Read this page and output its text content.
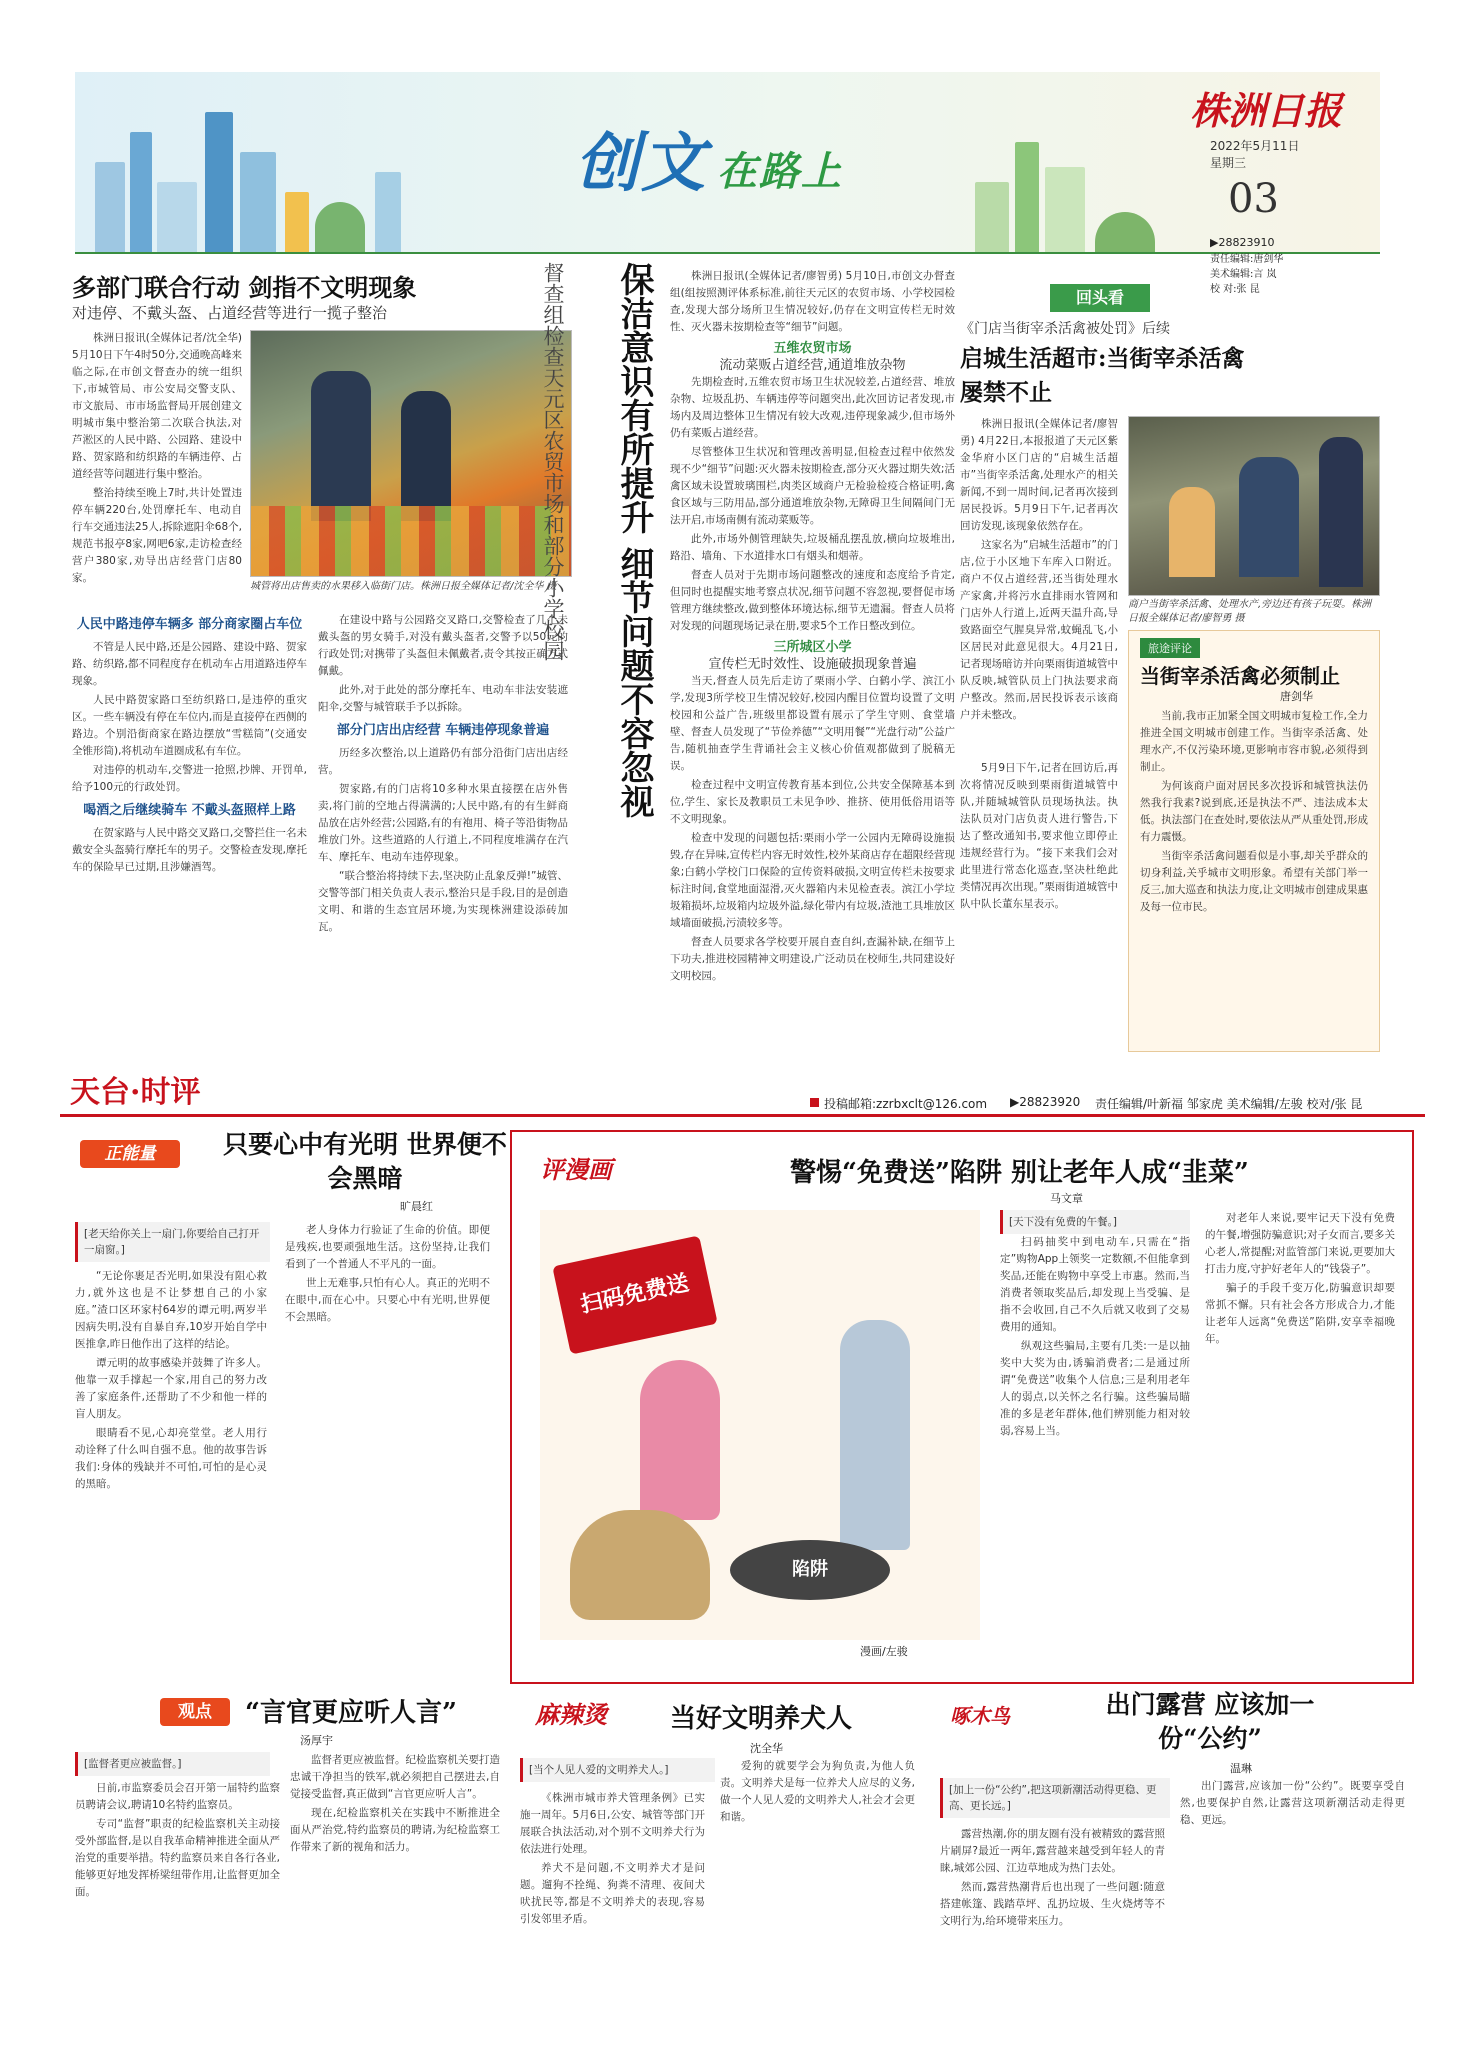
创文 在路上
株洲日报
2022年5月11日
星期三
03
▶28823910
责任编辑:唐剑华
美术编辑:言 岚
校 对:张 昆
多部门联合行动 剑指不文明现象
对违停、不戴头盔、占道经营等进行一揽子整治

株洲日报讯(全媒体记者/沈全华) 5月10日下午4时50分,交通晚高峰来临之际,在市创文督查办的统一组织下,市城管局、市公安局交警支队、市文旅局、市市场监督局开展创建文明城市集中整治第二次联合执法,对芦淞区的人民中路、公园路、建设中路、贺家路和纺织路的车辆违停、占道经营等问题进行集中整治。

整治持续至晚上7时,共计处置违停车辆220台,处罚摩托车、电动自行车交通违法25人,拆除遮阳伞68个,规范书报亭8家,网吧6家,走访检查经营户380家,劝导出店经营门店80家。

城管将出店售卖的水果移入临街门店。株洲日报全媒体记者/沈全华 摄
人民中路违停车辆多 部分商家圈占车位

不管是人民中路,还是公园路、建设中路、贺家路、纺织路,都不同程度存在机动车占用道路违停车现象。

人民中路贺家路口至纺织路口,是违停的重灾区。一些车辆没有停在车位内,而是直接停在西侧的路边。个别沿街商家在路边摆放“雪糕筒”(交通安全锥形筒),将机动车道圈成私有车位。

对违停的机动车,交警进一抢照,抄牌、开罚单,给予100元的行政处罚。

喝酒之后继续骑车 不戴头盔照样上路

在贺家路与人民中路交叉路口,交警拦住一名未戴安全头盔骑行摩托车的男子。交警检查发现,摩托车的保险早已过期,且涉嫌酒驾。

在建设中路与公园路交叉路口,交警检查了几个未戴头盔的男女骑手,对没有戴头盔者,交警予以50元的行政处罚;对携带了头盔但未佩戴者,责令其按正确方式佩戴。

此外,对于此处的部分摩托车、电动车非法安装遮阳伞,交警与城管联手予以拆除。

部分门店出店经营 车辆违停现象普遍

历经多次整治,以上道路仍有部分沿街门店出店经营。

贺家路,有的门店将10多种水果直接摆在店外售卖,将门前的空地占得满满的;人民中路,有的有生鲜商品放在店外经营;公园路,有的有袍用、椅子等沿街物品堆放门外。这些道路的人行道上,不同程度堆满存在汽车、摩托车、电动车违停现象。

“联合整治将持续下去,坚决防止乱象反弹!”城管、交警等部门相关负责人表示,整治只是手段,目的是创造文明、和谐的生态宜居环境,为实现株洲建设添砖加瓦。

督查组检查天元区农贸市场和部分小学校园	保洁意识有所提升 细节问题不容忽视	株洲日报讯(全媒体记者/廖智勇) 5月10日,市创文办督查组(组按照测评体系标准,前往天元区的农贸市场、小学校园检查,发现大部分场所卫生情况较好,仍存在文明宣传栏无时效性、灭火器未按期检查等“细节”问题。

五维农贸市场
流动菜贩占道经营,通道堆放杂物

先期检查时,五维农贸市场卫生状况较差,占道经营、堆放杂物、垃圾乱扔、车辆违停等问题突出,此次回访记者发现,市场内及周边整体卫生情况有较大改观,违停现象减少,但市场外仍有菜贩占道经营。

尽管整体卫生状况和管理改善明显,但检查过程中依然发现不少“细节”问题:灭火器未按期检查,部分灭火器过期失效;活禽区域未设置玻璃围栏,肉类区域商户无检验检疫合格证明,禽食区域与三防用品,部分通道堆放杂物,无障碍卫生间隔间门无法开启,市场南侧有流动菜贩等。

此外,市场外侧管理缺失,垃圾桶乱摆乱放,横向垃圾堆出,路沿、墙角、下水道排水口有烟头和烟蒂。

督查人员对于先期市场问题整改的速度和态度给予肯定,但同时也提醒实地考察点状况,细节问题不容忽视,要督促市场管理方继续整改,做到整体环境达标,细节无遗漏。督查人员将对发现的问题现场记录在册,要求5个工作日整改到位。

三所城区小学
宣传栏无时效性、设施破损现象普遍

当天,督查人员先后走访了栗雨小学、白鹤小学、滨江小学,发现3所学校卫生情况较好,校园内醒目位置均设置了文明校园和公益广告,班级里都设置有展示了学生守则、食堂墙壁、督查人员发现了“节俭养德”“文明用餐”“光盘行动”公益广告,随机抽查学生背诵社会主义核心价值观都做到了脱稿无误。

检查过程中文明宣传教育基本到位,公共安全保障基本到位,学生、家长及教职员工未见争吵、推挤、使用低俗用语等不文明现象。

检查中发现的问题包括:栗雨小学一公园内无障碍设施损毁,存在异味,宣传栏内容无时效性,校外某商店存在超限经营现象;白鹤小学校门口保险的宣传资料破损,文明宣传栏未按要求标注时间,食堂地面湿滑,灭火器箱内未见检查表。滨江小学垃圾箱损坏,垃圾箱内垃圾外溢,绿化带内有垃圾,渣池工具堆放区域墙面破损,污渍较多等。

督查人员要求各学校要开展自查自纠,查漏补缺,在细节上下功夫,推进校园精神文明建设,广泛动员在校师生,共同建设好文明校园。

回头看
《门店当街宰杀活禽被处罚》后续
启城生活超市:当街宰杀活禽屡禁不止

株洲日报讯(全媒体记者/廖智勇) 4月22日,本报报道了天元区紫金华府小区门店的“启城生活超市”当街宰杀活禽,处理水产的相关新闻,不到一周时间,记者再次接到居民投诉。5月9日下午,记者再次回访发现,该现象依然存在。

这家名为“启城生活超市”的门店,位于小区地下车库入口附近。商户不仅占道经营,还当街处理水产家禽,并将污水直排雨水管网和门店外人行道上,近两天温升高,导致路面空气腥臭异常,蚊蝇乱飞,小区居民对此意见很大。4月21日,记者现场暗访并向栗雨街道城管中队反映,城管队员上门执法要求商户整改。然而,居民投诉表示该商户并未整改。

商户当街宰杀活禽、处理水产,旁边还有孩子玩耍。株洲日报全媒体记者/廖智勇 摄

5月9日下午,记者在回访后,再次将情况反映到栗雨街道城管中队,并随城城管队员现场执法。执法队员对门店负责人进行警告,下达了整改通知书,要求他立即停止违规经营行为。“接下来我们会对此里进行常态化巡查,坚决杜绝此类情况再次出现。”栗雨街道城管中队中队长董东星表示。

旅途评论
当街宰杀活禽必须制止
唐剑华

当前,我市正加紧全国文明城市复检工作,全力推进全国文明城市创建工作。当街宰杀活禽、处理水产,不仅污染环境,更影响市容市貌,必须得到制止。

为何该商户面对居民多次投诉和城管执法仍然我行我素?说到底,还是执法不严、违法成本太低。执法部门在查处时,要依法从严从重处罚,形成有力震慑。

当街宰杀活禽问题看似是小事,却关乎群众的切身利益,关乎城市文明形象。希望有关部门举一反三,加大巡查和执法力度,让文明城市创建成果惠及每一位市民。

天台·时评	投稿邮箱:zzrbxclt@126.com ▶28823920 责任编辑/叶新福 邹家虎 美术编辑/左骏 校对/张 昆
正能量	只要心中有光明 世界便不会黑暗
旷晨红
[老天给你关上一扇门,你要给自己打开一扇窗。]

“无论你裹足否光明,如果没有阻心救力,就外这也是不让梦想自己的小家庭。”渣口区环家村64岁的谭元明,两岁半因病失明,没有自暴自弃,10岁开始自学中医推拿,昨日他作出了这样的结论。

谭元明的故事感染并鼓舞了许多人。他靠一双手撑起一个家,用自己的努力改善了家庭条件,还帮助了不少和他一样的盲人朋友。

眼睛看不见,心却亮堂堂。老人用行动诠释了什么叫自强不息。他的故事告诉我们:身体的残缺并不可怕,可怕的是心灵的黑暗。

老人身体力行验证了生命的价值。即便是残疾,也要顽强地生活。这份坚持,让我们看到了一个普通人不平凡的一面。

世上无难事,只怕有心人。真正的光明不在眼中,而在心中。只要心中有光明,世界便不会黑暗。

评漫画	警惕“免费送”陷阱 别让老年人成“韭菜”
马文章
扫码免费送
陷阱
漫画/左骏
[天下没有免费的午餐。]

扫码抽奖中到电动车,只需在“指定”购物App上领奖一定数额,不但能拿到奖品,还能在购物中享受上市惠。然而,当消费者领取奖品后,却发现上当受骗、是指不会收回,自己不久后就又收到了交易费用的通知。

纵观这些骗局,主要有几类:一是以抽奖中大奖为由,诱骗消费者;二是通过所谓“免费送”收集个人信息;三是利用老年人的弱点,以关怀之名行骗。这些骗局瞄准的多是老年群体,他们辨别能力相对较弱,容易上当。

对老年人来说,要牢记天下没有免费的午餐,增强防骗意识;对子女而言,要多关心老人,常提醒;对监管部门来说,更要加大打击力度,守护好老年人的“钱袋子”。

骗子的手段千变万化,防骗意识却要常抓不懈。只有社会各方形成合力,才能让老年人远离“免费送”陷阱,安享幸福晚年。

观点	“言官更应听人言”
汤厚宇
[监督者更应被监督。]

日前,市监察委员会召开第一届特约监察员聘请会议,聘请10名特约监察员。

专司“监督”职责的纪检监察机关主动接受外部监督,是以自我革命精神推进全面从严治党的重要举措。特约监察员来自各行各业,能够更好地发挥桥梁纽带作用,让监督更加全面。

监督者更应被监督。纪检监察机关要打造忠诚干净担当的铁军,就必须把自己摆进去,自觉接受监督,真正做到“言官更应听人言”。

现在,纪检监察机关在实践中不断推进全面从严治党,特约监察员的聘请,为纪检监察工作带来了新的视角和活力。

麻辣烫 当好文明养犬人
沈全华
[当个人见人爱的文明养犬人。]

《株洲市城市养犬管理条例》已实施一周年。5月6日,公安、城管等部门开展联合执法活动,对个别不文明养犬行为依法进行处理。

养犬不是问题,不文明养犬才是问题。遛狗不拴绳、狗粪不清理、夜间犬吠扰民等,都是不文明养犬的表现,容易引发邻里矛盾。

爱狗的就要学会为狗负责,为他人负责。文明养犬是每一位养犬人应尽的义务,做一个人见人爱的文明养犬人,社会才会更和谐。

啄木鸟	出门露营 应该加一份“公约”
温琳
[加上一份“公约”,把这项新潮活动得更稳、更高、更长远。]

露营热潮,你的朋友圈有没有被精致的露营照片刷屏?最近一两年,露营越来越受到年轻人的青睐,城郊公园、江边草地成为热门去处。

然而,露营热潮背后也出现了一些问题:随意搭建帐篷、践踏草坪、乱扔垃圾、生火烧烤等不文明行为,给环境带来压力。

出门露营,应该加一份“公约”。既要享受自然,也要保护自然,让露营这项新潮活动走得更稳、更远。
